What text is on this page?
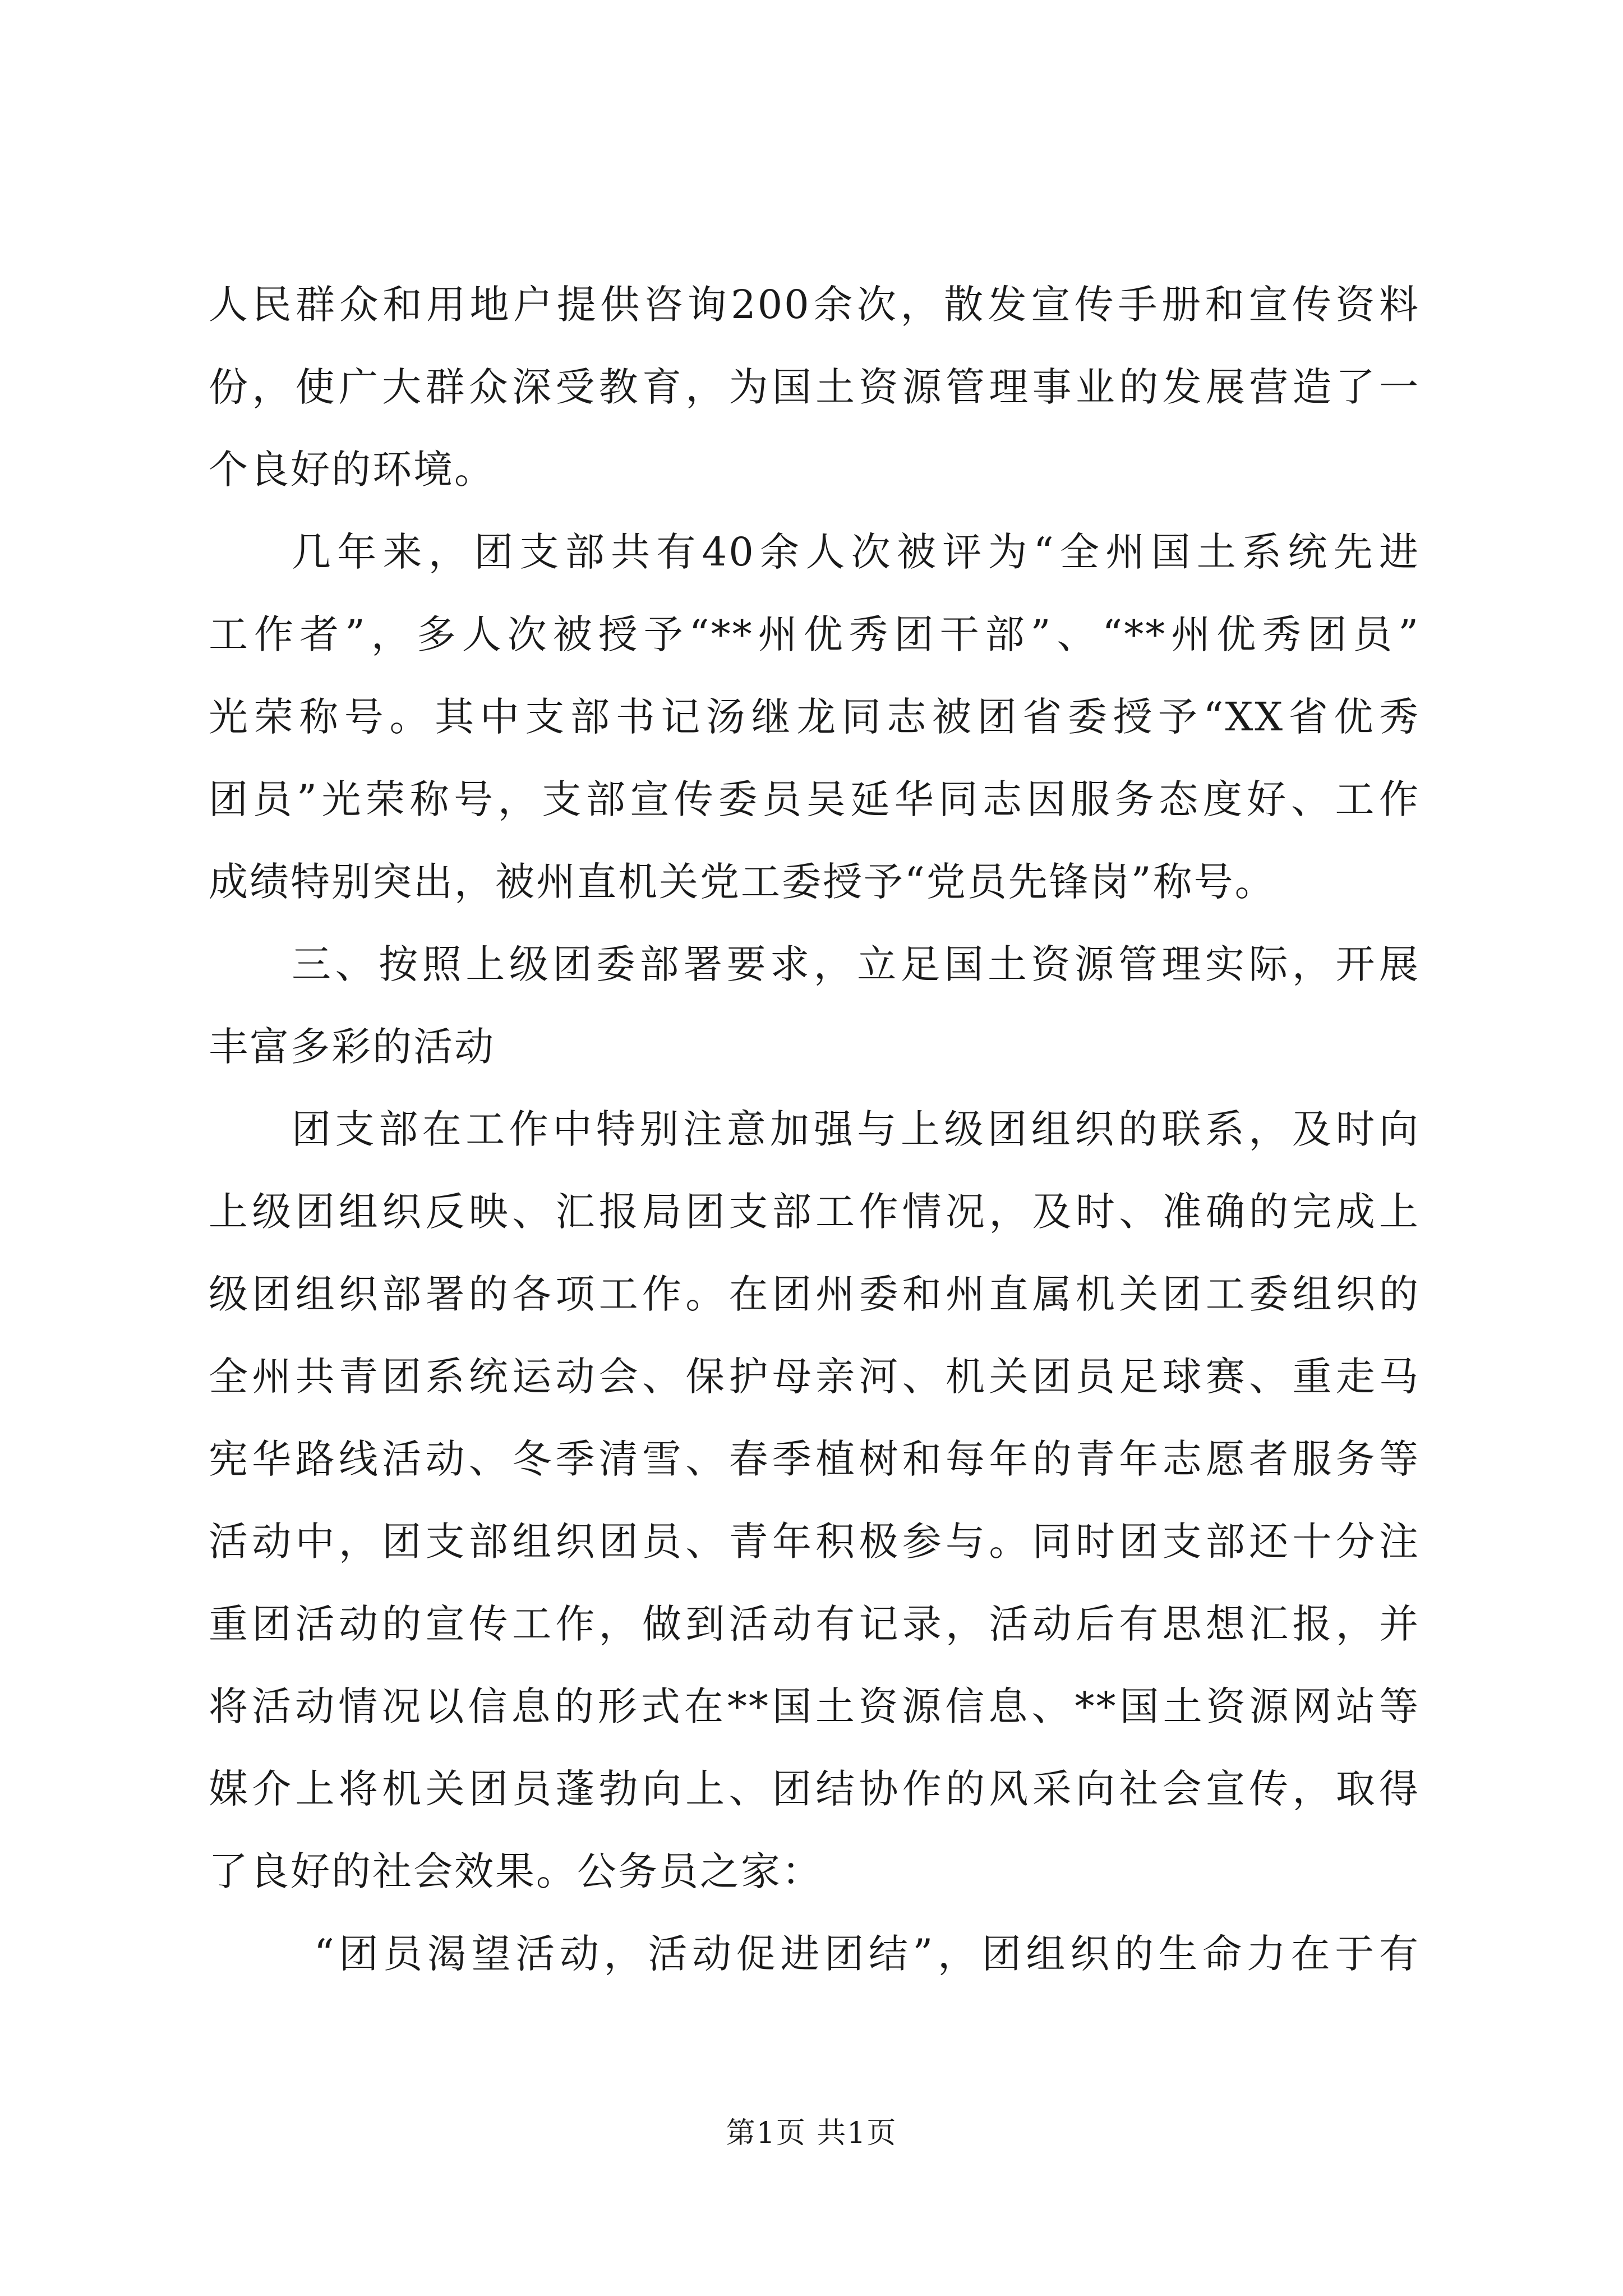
人民群众和用地户提供咨询200余次，散发宣传手册和宣传资料
份，使广大群众深受教育，为国土资源管理事业的发展营造了一
个良好的环境。
几年来，团支部共有40余人次被评为“全州国土系统先进
工作者”，多人次被授予“**州优秀团干部”、“**州优秀团员”
光荣称号。其中支部书记汤继龙同志被团省委授予“XX省优秀
团员”光荣称号，支部宣传委员吴延华同志因服务态度好、工作
成绩特别突出，被州直机关党工委授予“党员先锋岗”称号。
三、按照上级团委部署要求，立足国土资源管理实际，开展
丰富多彩的活动
团支部在工作中特别注意加强与上级团组织的联系，及时向
上级团组织反映、汇报局团支部工作情况，及时、准确的完成上
级团组织部署的各项工作。在团州委和州直属机关团工委组织的
全州共青团系统运动会、保护母亲河、机关团员足球赛、重走马
宪华路线活动、冬季清雪、春季植树和每年的青年志愿者服务等
活动中，团支部组织团员、青年积极参与。同时团支部还十分注
重团活动的宣传工作，做到活动有记录，活动后有思想汇报，并
将活动情况以信息的形式在**国土资源信息、**国土资源网站等
媒介上将机关团员蓬勃向上、团结协作的风采向社会宣传，取得
了良好的社会效果。公务员之家：
“团员渴望活动，活动促进团结”，团组织的生命力在于有
第1页 共1页
